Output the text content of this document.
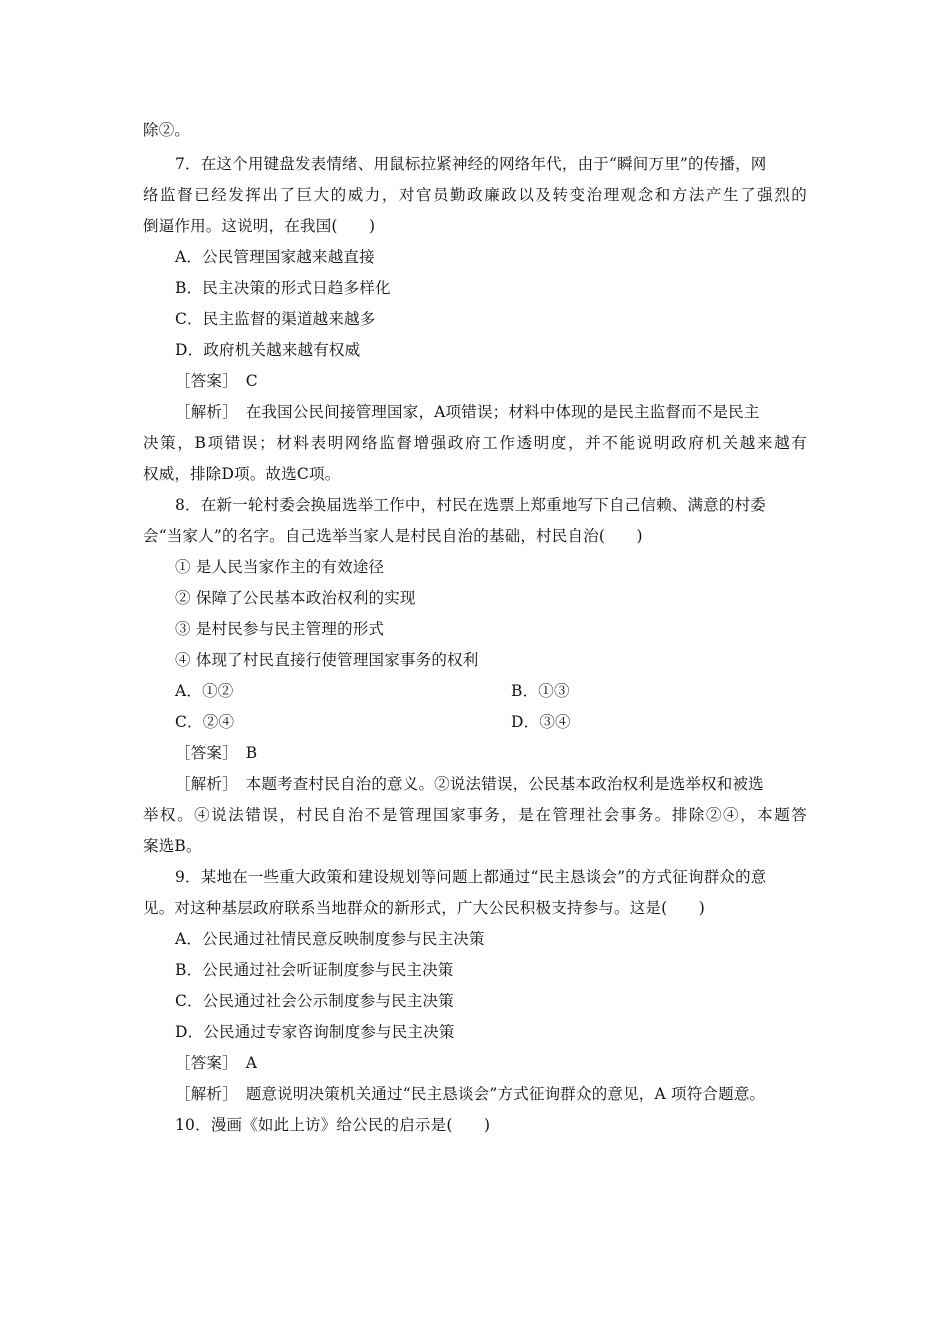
除②。
7．在这个用键盘发表情绪、用鼠标拉紧神经的网络年代，由于“瞬间万里”的传播，网
络监督已经发挥出了巨大的威力，对官员勤政廉政以及转变治理观念和方法产生了强烈的
倒逼作用。这说明，在我国(　　)
A．公民管理国家越来越直接
B．民主决策的形式日趋多样化
C．民主监督的渠道越来越多
D．政府机关越来越有权威
［答案］　C
［解析］　在我国公民间接管理国家，A项错误；材料中体现的是民主监督而不是民主
决策，B项错误；材料表明网络监督增强政府工作透明度，并不能说明政府机关越来越有
权威，排除D项。故选C项。
8．在新一轮村委会换届选举工作中，村民在选票上郑重地写下自己信赖、满意的村委
会“当家人”的名字。自己选举当家人是村民自治的基础，村民自治(　　)
① 是人民当家作主的有效途径
② 保障了公民基本政治权利的实现
③ 是村民参与民主管理的形式
④ 体现了村民直接行使管理国家事务的权利
A．①②	B．①③
C．②④	D．③④
［答案］　B
［解析］　本题考查村民自治的意义。②说法错误，公民基本政治权利是选举权和被选
举权。④说法错误，村民自治不是管理国家事务，是在管理社会事务。排除②④，本题答
案选B。
9．某地在一些重大政策和建设规划等问题上都通过“民主恳谈会”的方式征询群众的意
见。对这种基层政府联系当地群众的新形式，广大公民积极支持参与。这是(　　)
A．公民通过社情民意反映制度参与民主决策
B．公民通过社会听证制度参与民主决策
C．公民通过社会公示制度参与民主决策
D．公民通过专家咨询制度参与民主决策
［答案］　A
［解析］　题意说明决策机关通过“民主恳谈会”方式征询群众的意见，A 项符合题意。
10．漫画《如此上访》给公民的启示是(　　)
